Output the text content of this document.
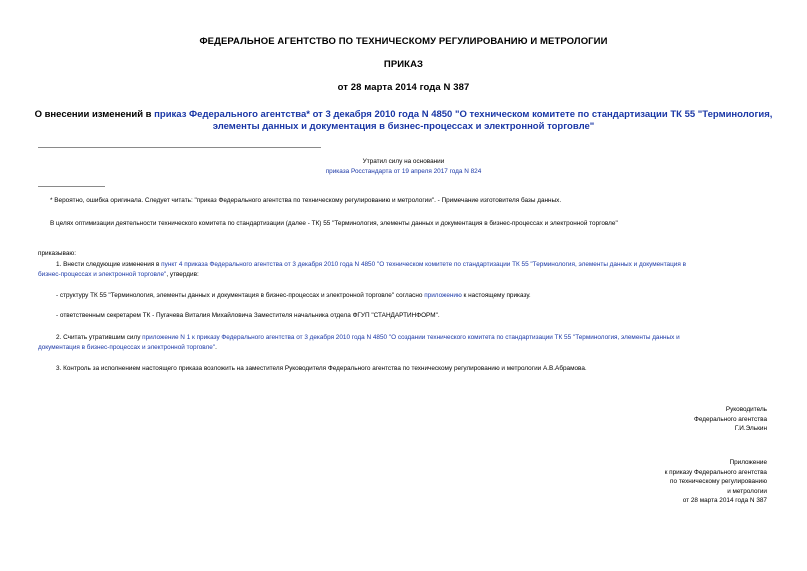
ФЕДЕРАЛЬНОЕ АГЕНТСТВО ПО ТЕХНИЧЕСКОМУ РЕГУЛИРОВАНИЮ И МЕТРОЛОГИИ
ПРИКАЗ
от 28 марта 2014 года N 387
О внесении изменений в приказ Федерального агентства* от 3 декабря 2010 года N 4850 "О техническом комитете по стандартизации ТК 55 "Терминология,
элементы данных и документация в бизнес-процессах и электронной торговле"
Утратил силу на основании
приказа Росстандарта от 19 апреля 2017 года N 824
* Вероятно, ошибка оригинала. Следует читать: "приказ Федерального агентства по техническому регулированию и метрологии". - Примечание изготовителя базы данных.
В целях оптимизации деятельности технического комитета по стандартизации (далее - ТК) 55 "Терминология, элементы данных и документация в бизнес-процессах и электронной торговле"
приказываю:
1. Внести следующие изменения в пункт 4 приказа Федерального агентства от 3 декабря 2010 года N 4850 "О техническом комитете по стандартизации ТК 55 "Терминология, элементы данных и документация в
бизнес-процессах и электронной торговле", утвердив:
- структуру ТК 55 "Терминология, элементы данных и документация в бизнес-процессах и электронной торговле" согласно приложению к настоящему приказу.
- ответственным секретарем ТК - Пугачева Виталия Михайловича Заместителя начальника отдела ФГУП "СТАНДАРТИНФОРМ".
2. Считать утратившим силу приложение N 1 к приказу Федерального агентства от 3 декабря 2010 года N 4850 "О создании технического комитета по стандартизации ТК 55 "Терминология, элементы данных и
документация в бизнес-процессах и электронной торговле".
3. Контроль за исполнением настоящего приказа возложить на заместителя Руководителя Федерального агентства по техническому регулированию и метрологии А.В.Абрамова.
Руководитель
Федерального агентства
Г.И.Элькин
Приложение
к приказу Федерального агентства
по техническому регулированию
и метрологии
от 28 марта 2014 года N 387
